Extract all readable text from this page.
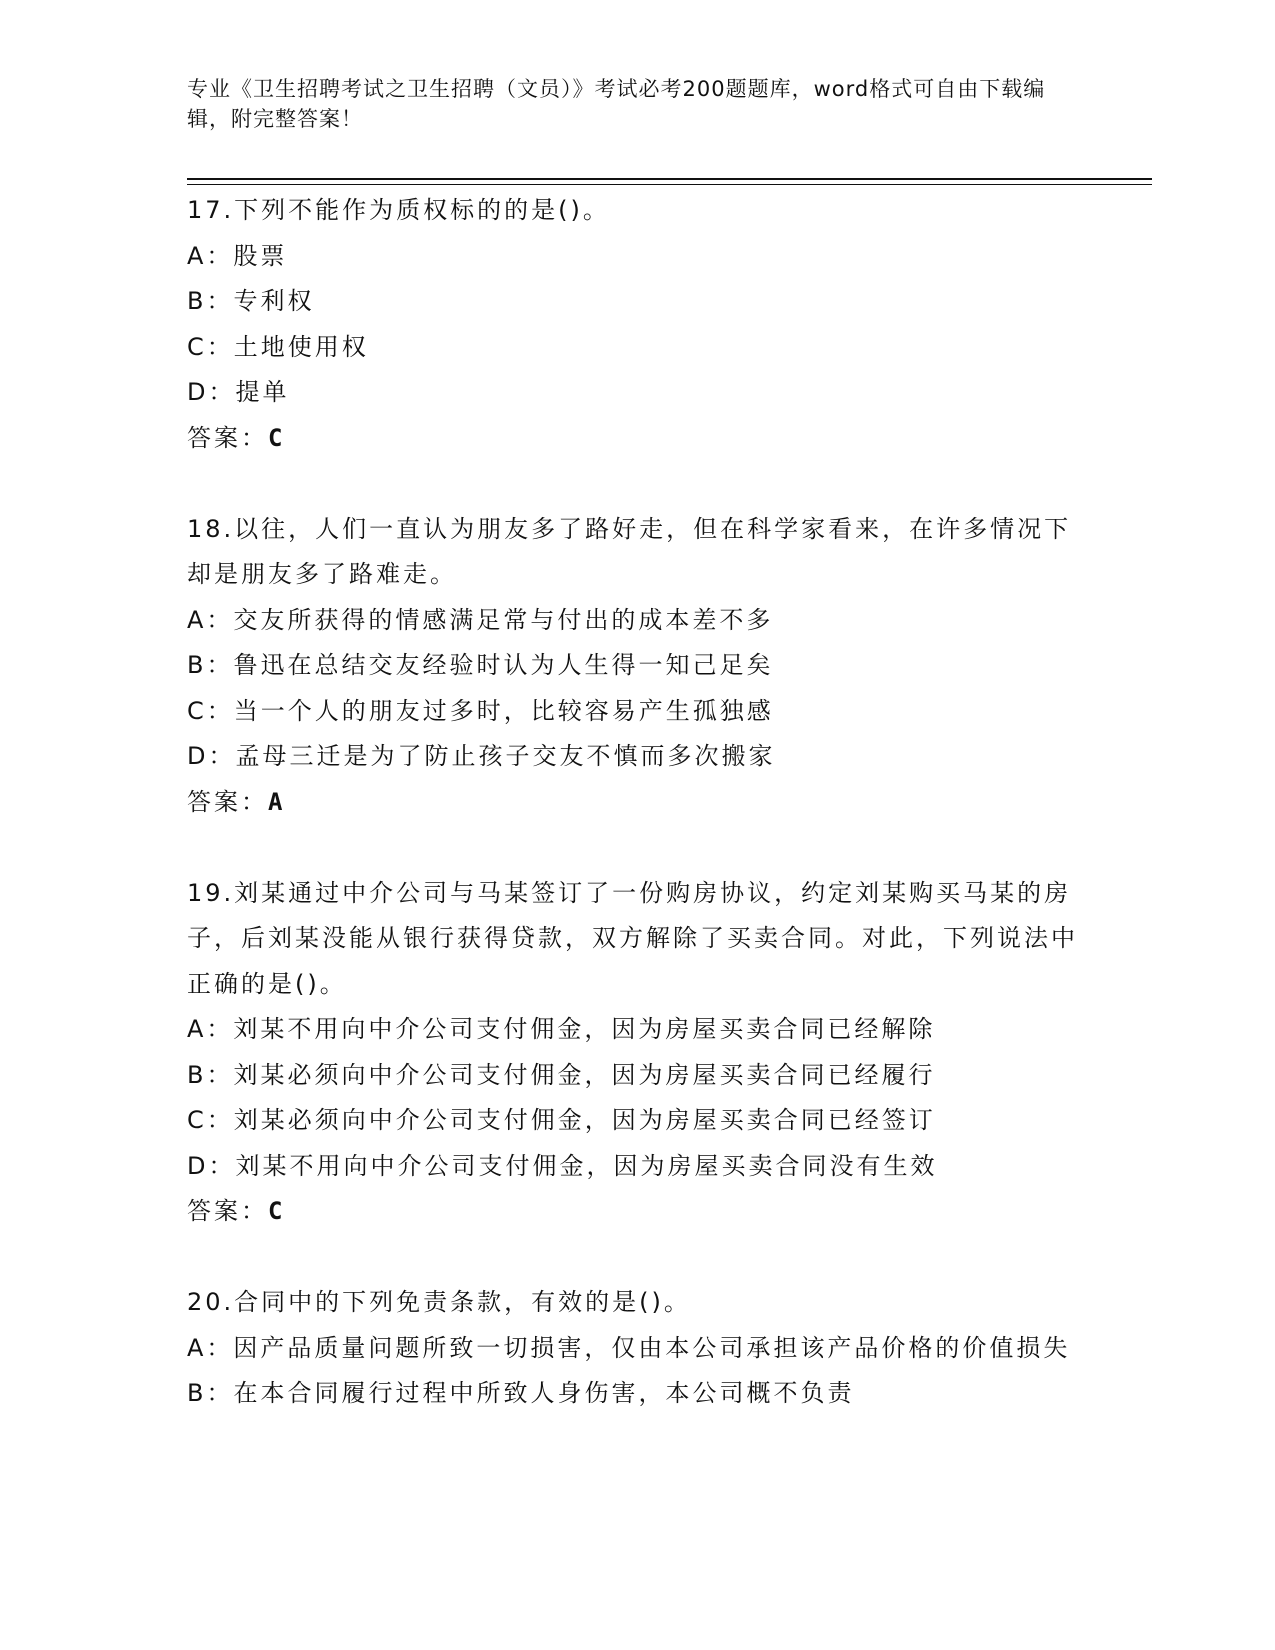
专业《卫生招聘考试之卫生招聘（文员）》考试必考200题题库，word格式可自由下载编辑，附完整答案！
17.下列不能作为质权标的的是()。
A：股票
B：专利权
C：土地使用权
D：提单
答案：C
18.以往，人们一直认为朋友多了路好走，但在科学家看来，在许多情况下却是朋友多了路难走。
A：交友所获得的情感满足常与付出的成本差不多
B：鲁迅在总结交友经验时认为人生得一知己足矣
C：当一个人的朋友过多时，比较容易产生孤独感
D：孟母三迁是为了防止孩子交友不慎而多次搬家
答案：A
19.刘某通过中介公司与马某签订了一份购房协议，约定刘某购买马某的房子，后刘某没能从银行获得贷款，双方解除了买卖合同。对此，下列说法中正确的是()。
A：刘某不用向中介公司支付佣金，因为房屋买卖合同已经解除
B：刘某必须向中介公司支付佣金，因为房屋买卖合同已经履行
C：刘某必须向中介公司支付佣金，因为房屋买卖合同已经签订
D：刘某不用向中介公司支付佣金，因为房屋买卖合同没有生效
答案：C
20.合同中的下列免责条款，有效的是()。
A：因产品质量问题所致一切损害，仅由本公司承担该产品价格的价值损失
B：在本合同履行过程中所致人身伤害，本公司概不负责
